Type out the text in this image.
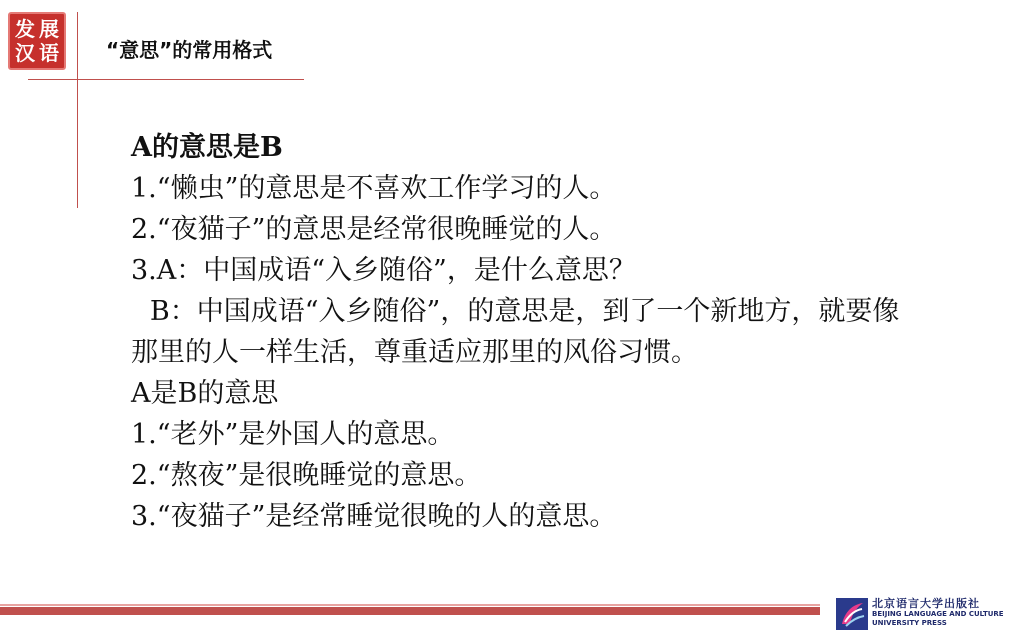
发 展
汉 语 “意思”的常用格式
A的意思是B
1.“懒虫”的意思是不喜欢工作学习的人。
2.“夜猫子”的意思是经常很晚睡觉的人。
3.A：中国成语“入乡随俗”，是什么意思？
B：中国成语“入乡随俗”，的意思是，到了一个新地方，就要像那里的人一样生活，尊重适应那里的风俗习惯。
A是B的意思
1.“老外”是外国人的意思。
2.“熬夜”是很晚睡觉的意思。
3.“夜猫子”是经常睡觉很晚的人的意思。
北京语言大学出版社
BEIJING LANGUAGE AND CULTURE
UNIVERSITY PRESS
